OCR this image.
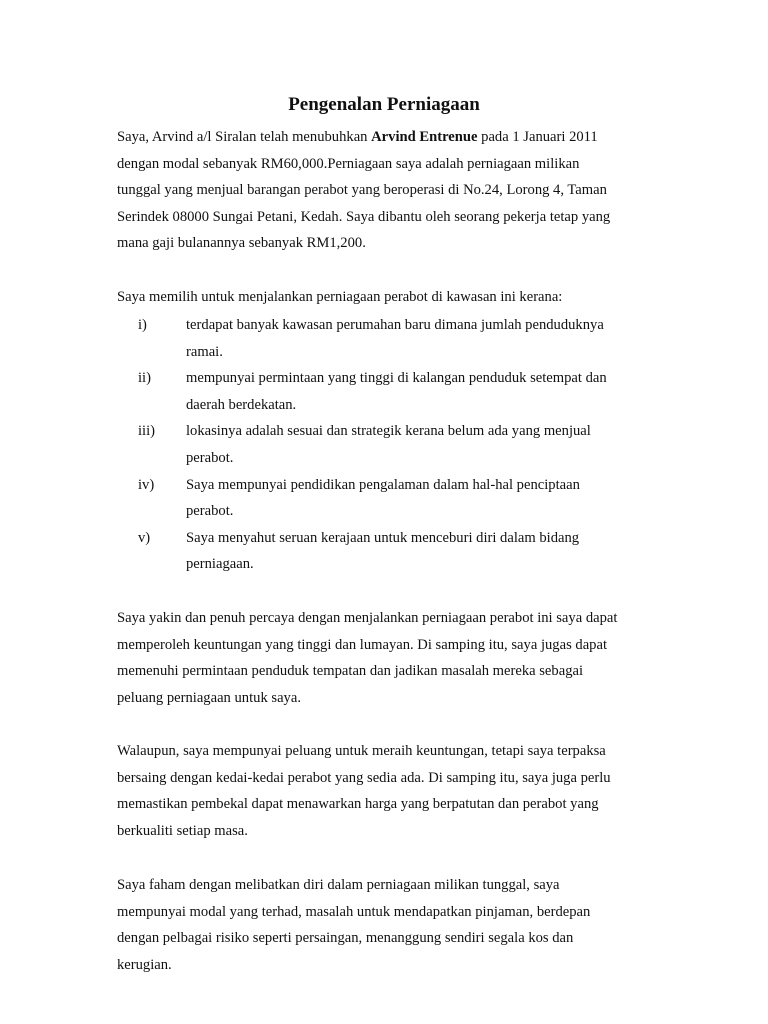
Pengenalan Perniagaan

Saya, Arvind a/l Siralan telah menubuhkan Arvind Entrenue pada 1 Januari 2011
dengan modal sebanyak RM60,000.Perniagaan saya adalah perniagaan milikan
tunggal yang menjual barangan perabot yang beroperasi di No.24, Lorong 4, Taman
Serindek 08000 Sungai Petani, Kedah. Saya dibantu oleh seorang pekerja tetap yang
mana gaji bulanannya sebanyak RM1,200.

Saya memilih untuk menjalankan perniagaan perabot di kawasan ini kerana:

i)	terdapat banyak kawasan perumahan baru dimana jumlah penduduknya
ramai.
ii) mempunyai permintaan yang tinggi di kalangan penduduk setempat dan
daerah berdekatan.
iii) lokasinya adalah sesuai dan strategik kerana belum ada yang menjual
perabot.
iv) Saya mempunyai pendidikan pengalaman dalam hal-hal penciptaan
perabot.
v) Saya menyahut seruan kerajaan untuk menceburi diri dalam bidang
perniagaan.

Saya yakin dan penuh percaya dengan menjalankan perniagaan perabot ini saya dapat
memperoleh keuntungan yang tinggi dan lumayan. Di samping itu, saya jugas dapat
memenuhi permintaan penduduk tempatan dan jadikan masalah mereka sebagai
peluang perniagaan untuk saya.

Walaupun, saya mempunyai peluang untuk meraih keuntungan, tetapi saya terpaksa
bersaing dengan kedai-kedai perabot yang sedia ada. Di samping itu, saya juga perlu
memastikan pembekal dapat menawarkan harga yang berpatutan dan perabot yang
berkualiti setiap masa.

Saya faham dengan melibatkan diri dalam perniagaan milikan tunggal, saya
mempunyai modal yang terhad, masalah untuk mendapatkan pinjaman, berdepan
dengan pelbagai risiko seperti persaingan, menanggung sendiri segala kos dan
kerugian.
